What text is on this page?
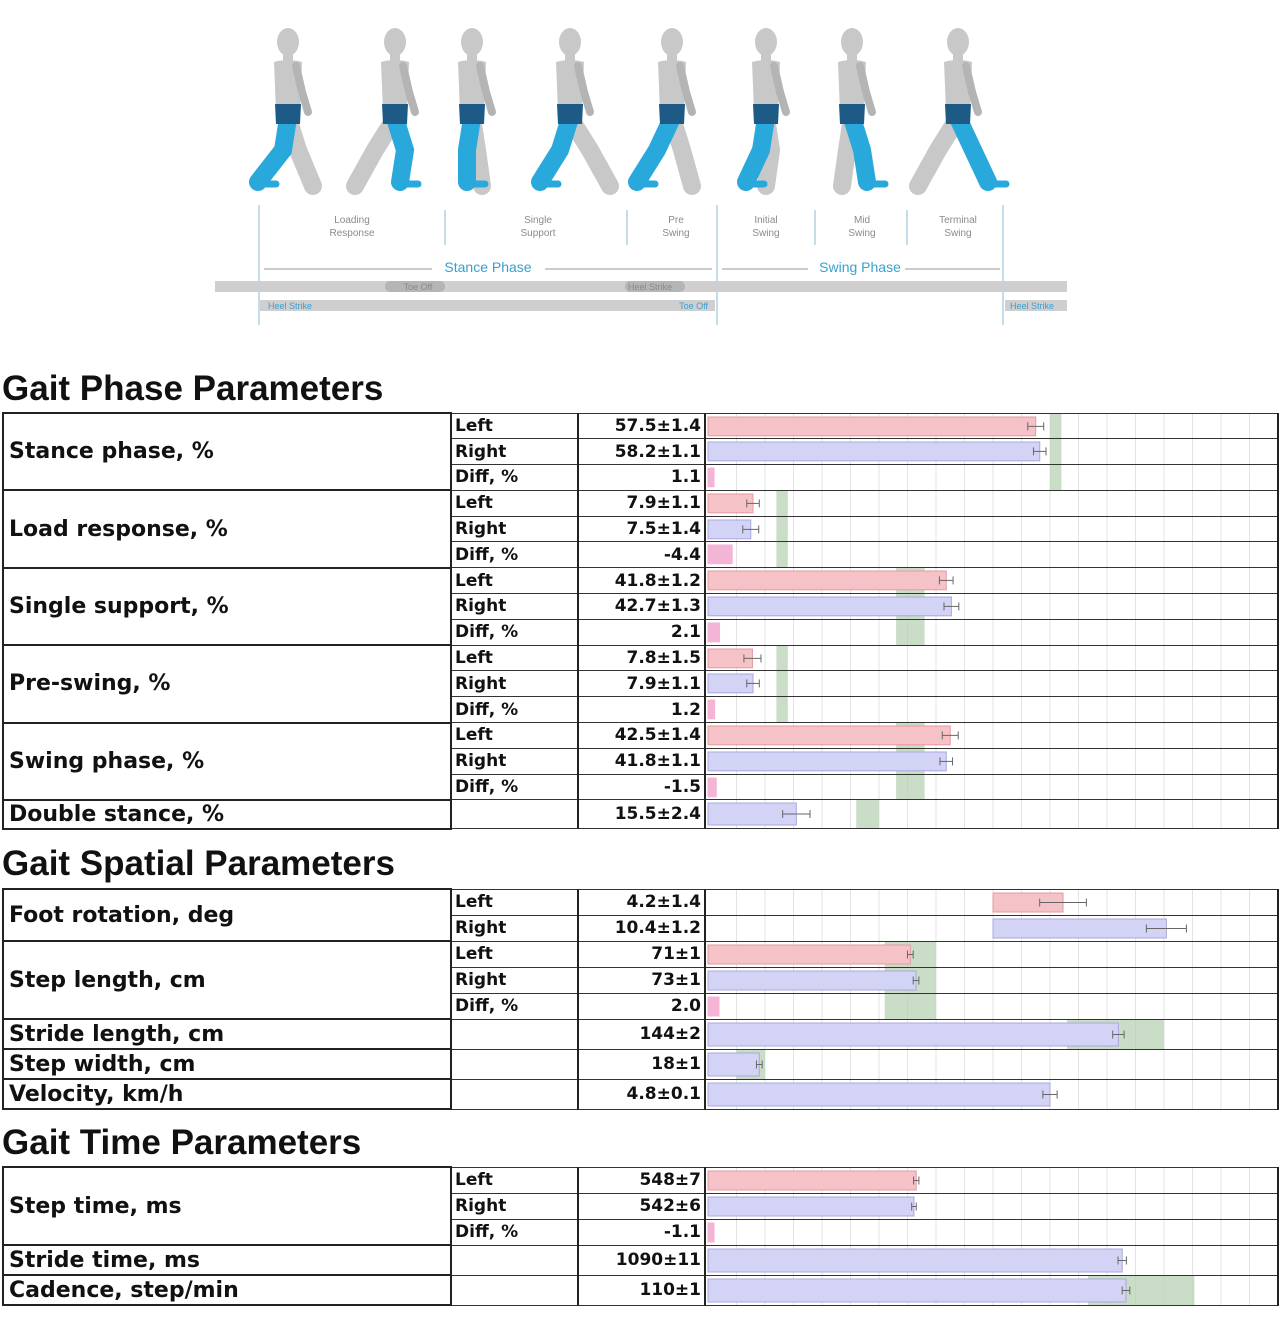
Loading Response
Single Support
Pre Swing
Initial Swing
Mid Swing
Terminal Swing
Stance Phase	Swing Phase
Toe Off	Heel Strike
Heel Strike	Toe Off	Heel Strike
Gait Phase Parameters
Stance phase, %	Left	57.5±1.4	

	Right	58.2±1.1	

	Diff, %	1.1	

Load response, %	Left	7.9±1.1	

	Right	7.5±1.4	

	Diff, %	-4.4	

Single support, %	Left	41.8±1.2	

	Right	42.7±1.3	

	Diff, %	2.1	

Pre-swing, %	Left	7.8±1.5	

	Right	7.9±1.1	

	Diff, %	1.2	

Swing phase, %	Left	42.5±1.4	

	Right	41.8±1.1	

	Diff, %	-1.5	

Double stance, %		15.5±2.4	
Gait Spatial Parameters
Foot rotation, deg	Left	4.2±1.4	

	Right	10.4±1.2	

Step length, cm	Left	71±1	

	Right	73±1	

	Diff, %	2.0	

Stride length, cm		144±2	

Step width, cm		18±1	

Velocity, km/h		4.8±0.1	
Gait Time Parameters
Step time, ms	Left	548±7	

	Right	542±6	

	Diff, %	-1.1	

Stride time, ms		1090±11	

Cadence, step/min		110±1	
